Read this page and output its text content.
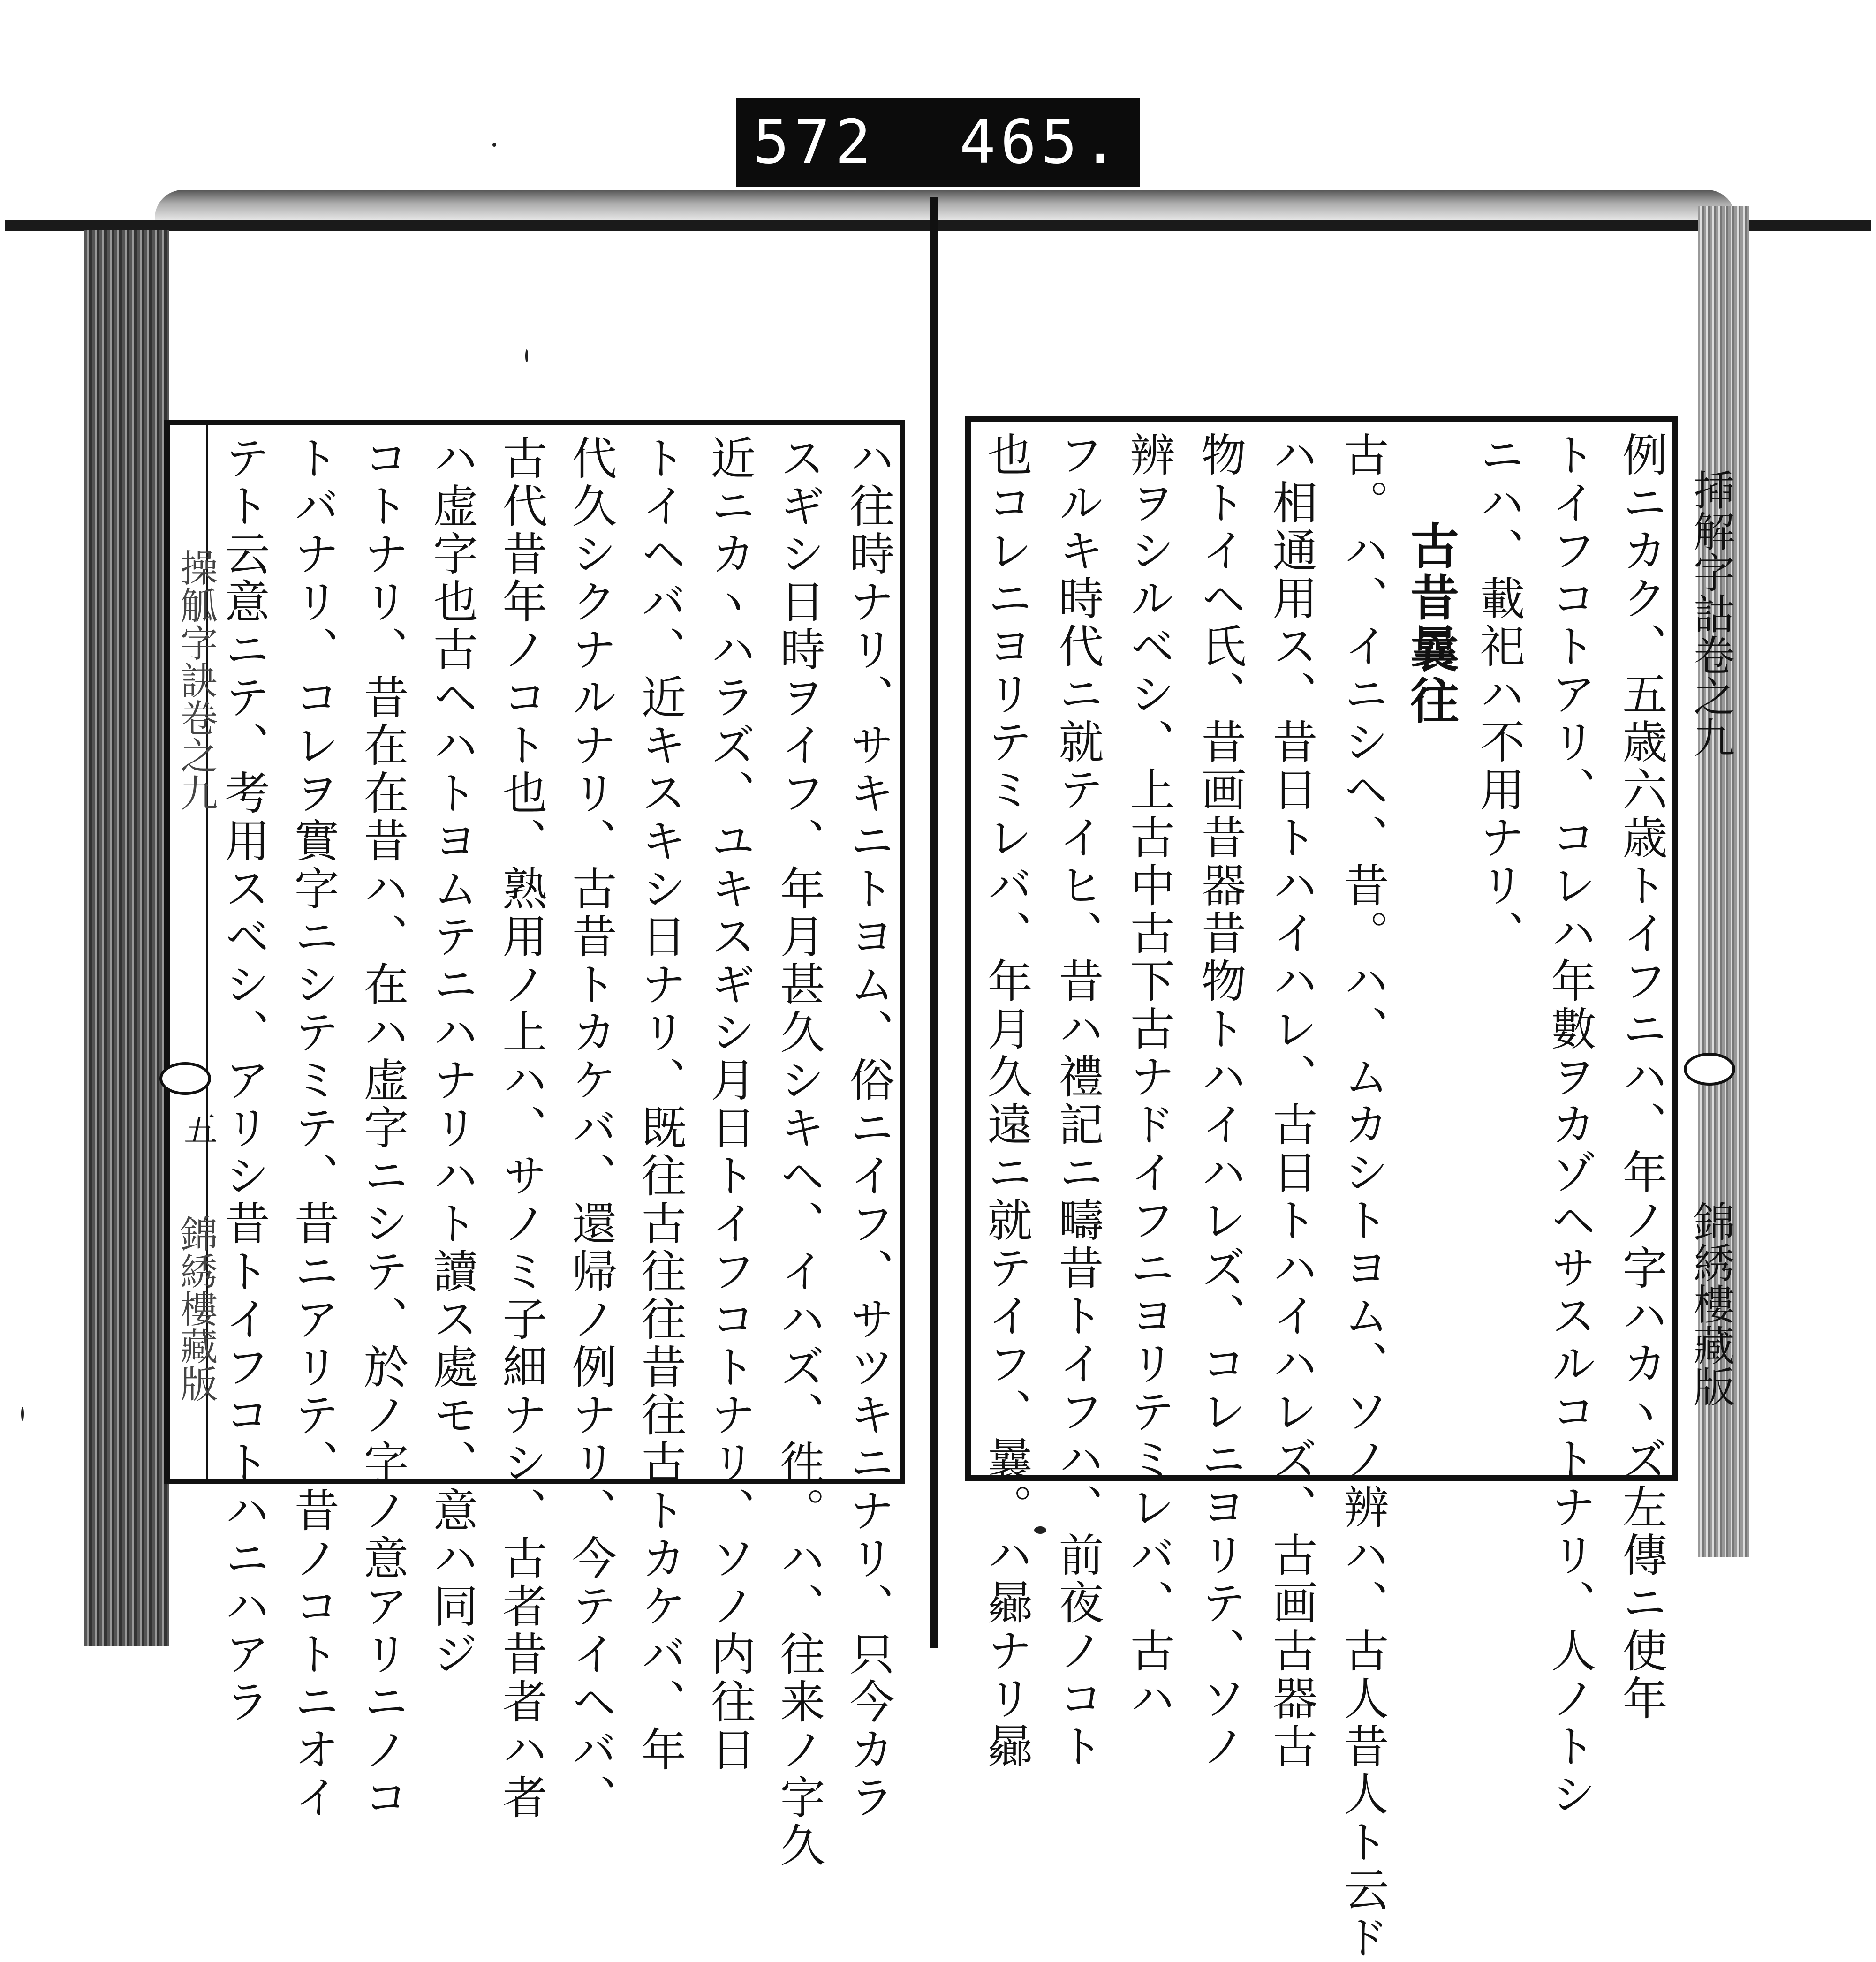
572 465.
揷解字詁卷之九
錦綉樓藏版
例ニカク、五歳六歳トイフニハ、年ノ字ハカヽズ左傳ニ使年
トイフコトアリ、コレハ年數ヲカゾヘサスルコトナリ、人ノトシ
ニハ、載祀ハ不用ナリ、
古昔曩往
古。ハ、イニシヘ、昔。ハ、ムカシトヨム、ソノ辨ハ、古人昔人ト云ド
ハ相通用ス、昔日トハイハレ、古日トハイハレズ、古画古器古
物トイヘ氏、昔画昔器昔物トハイハレズ、コレニヨリテ、ソノ
辨ヲシルベシ、上古中古下古ナドイフニヨリテミレバ、古ハ
フルキ時代ニ就テイヒ、昔ハ禮記ニ疇昔トイフハ、前夜ノコト
也コレニヨリテミレバ、年月久遠ニ就テイフ、曩。ハ曏ナリ曏
ハ往時ナリ、サキニトヨム、俗ニイフ、サツキニナリ、只今カラ
スギシ日時ヲイフ、年月甚久シキヘ、イハズ、徃。ハ、往来ノ字久
近ニカヽハラズ、ユキスギシ月日トイフコトナリ、ソノ内往日
トイヘバ、近キスキシ日ナリ、既往古往往昔往古トカケバ、年
代久シクナルナリ、古昔トカケバ、還帰ノ例ナリ、今テイヘバ、
古代昔年ノコト也、熟用ノ上ハ、サノミ子細ナシ、古者昔者ハ者
ハ虚字也古ヘハトヨムテニハナリハト讀ス處モ、意ハ同ジ
コトナリ、昔在在昔ハ、在ハ虚字ニシテ、於ノ字ノ意アリニノコ
トバナリ、コレヲ實字ニシテミテ、昔ニアリテ、昔ノコトニオイ
テト云意ニテ、考用スベシ、アリシ昔トイフコトハニハアラ
操觚字訣卷之九
五
錦綉樓藏版
